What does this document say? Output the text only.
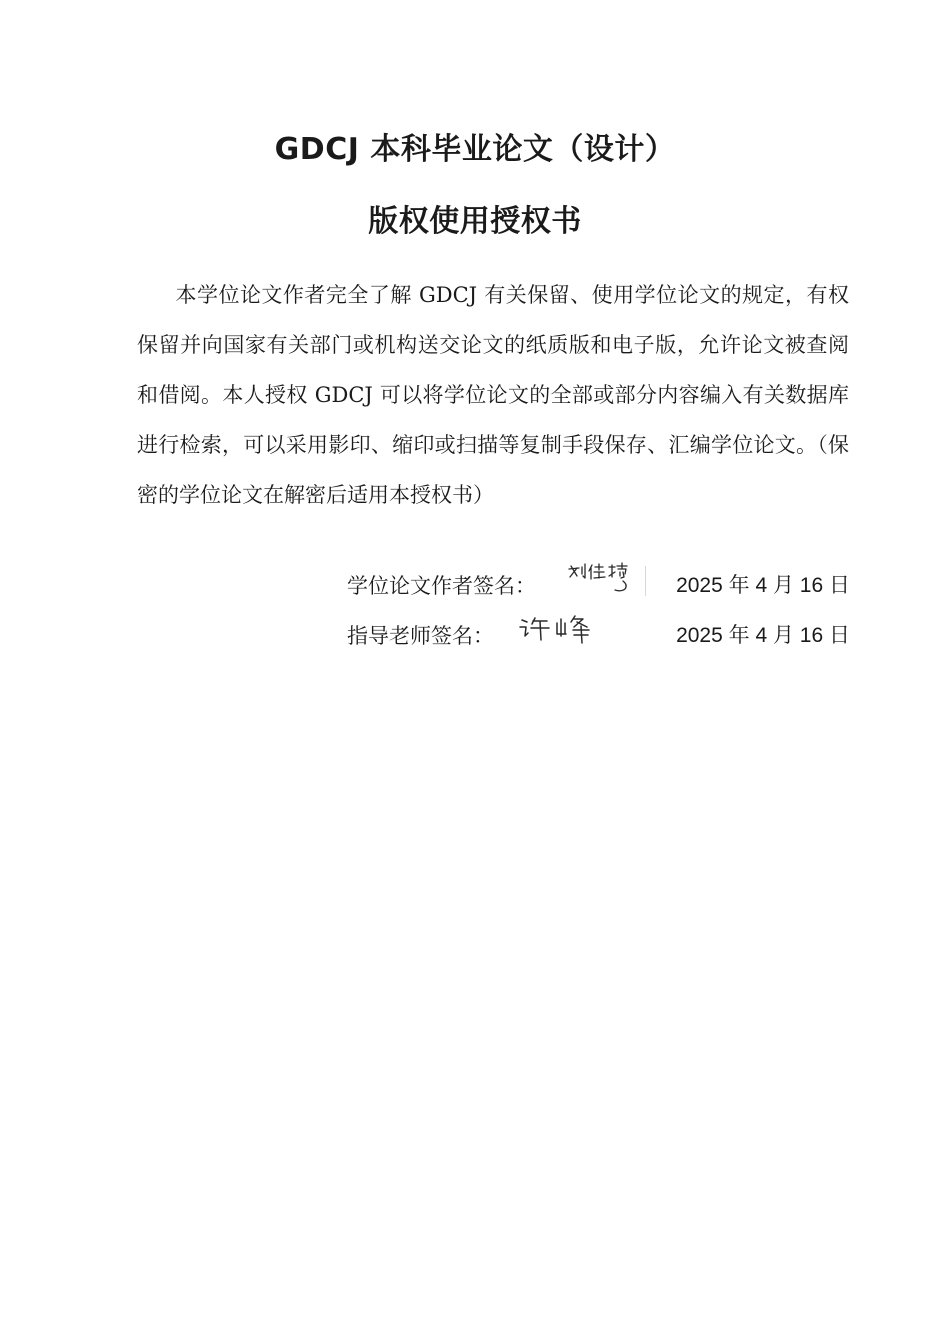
GDCJ 本科毕业论文（设计）
版权使用授权书

本学位论文作者完全了解 GDCJ 有关保留、使用学位论文的规定，有权保留并向国家有关部门或机构送交论文的纸质版和电子版，允许论文被查阅和借阅。本人授权 GDCJ 可以将学位论文的全部或部分内容编入有关数据库进行检索，可以采用影印、缩印或扫描等复制手段保存、汇编学位论文。（保密的学位论文在解密后适用本授权书）

学位论文作者签名：	2025 年 4 月 16 日
指导老师签名：	2025 年 4 月 16 日
